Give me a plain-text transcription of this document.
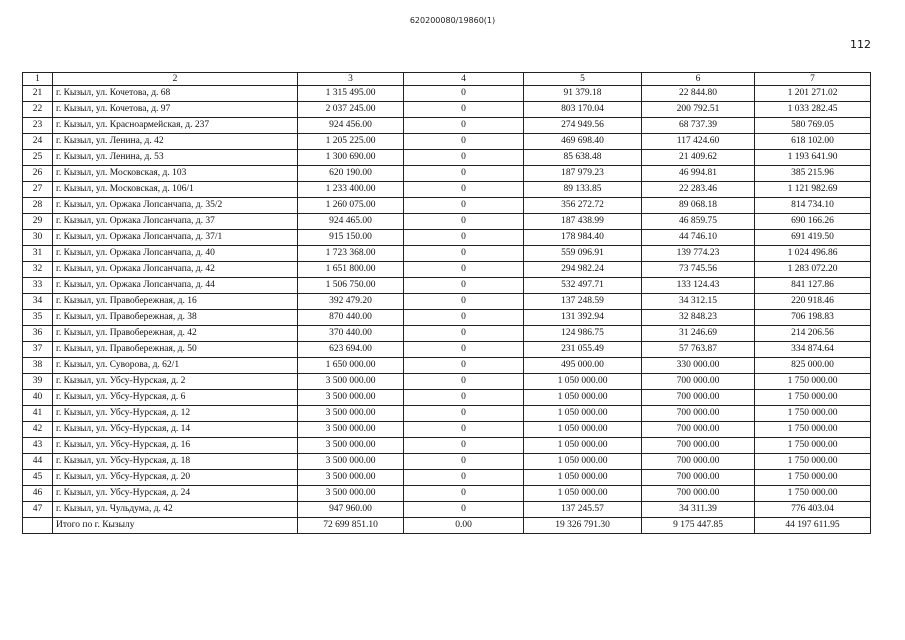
620200080/19860(1)
112
1	2	3	4	5	6	7
21	г. Кызыл, ул. Кочетова, д. 68	1 315 495.00	0	91 379.18	22 844.80	1 201 271.02
22	г. Кызыл, ул. Кочетова, д. 97	2 037 245.00	0	803 170.04	200 792.51	1 033 282.45
23	г. Кызыл, ул. Красноармейская, д. 237	924 456.00	0	274 949.56	68 737.39	580 769.05
24	г. Кызыл, ул. Ленина, д. 42	1 205 225.00	0	469 698.40	117 424.60	618 102.00
25	г. Кызыл, ул. Ленина, д. 53	1 300 690.00	0	85 638.48	21 409.62	1 193 641.90
26	г. Кызыл, ул. Московская, д. 103	620 190.00	0	187 979.23	46 994.81	385 215.96
27	г. Кызыл, ул. Московская, д. 106/1	1 233 400.00	0	89 133.85	22 283.46	1 121 982.69
28	г. Кызыл, ул. Оржака Лопсанчапа, д. 35/2	1 260 075.00	0	356 272.72	89 068.18	814 734.10
29	г. Кызыл, ул. Оржака Лопсанчапа, д. 37	924 465.00	0	187 438.99	46 859.75	690 166.26
30	г. Кызыл, ул. Оржака Лопсанчапа, д. 37/1	915 150.00	0	178 984.40	44 746.10	691 419.50
31	г. Кызыл, ул. Оржака Лопсанчапа, д. 40	1 723 368.00	0	559 096.91	139 774.23	1 024 496.86
32	г. Кызыл, ул. Оржака Лопсанчапа, д. 42	1 651 800.00	0	294 982.24	73 745.56	1 283 072.20
33	г. Кызыл, ул. Оржака Лопсанчапа, д. 44	1 506 750.00	0	532 497.71	133 124.43	841 127.86
34	г. Кызыл, ул. Правобережная, д. 16	392 479.20	0	137 248.59	34 312.15	220 918.46
35	г. Кызыл, ул. Правобережная, д. 38	870 440.00	0	131 392.94	32 848.23	706 198.83
36	г. Кызыл, ул. Правобережная, д. 42	370 440.00	0	124 986.75	31 246.69	214 206.56
37	г. Кызыл, ул. Правобережная, д. 50	623 694.00	0	231 055.49	57 763.87	334 874.64
38	г. Кызыл, ул. Суворова, д. 62/1	1 650 000.00	0	495 000.00	330 000.00	825 000.00
39	г. Кызыл, ул. Убсу-Нурская, д. 2	3 500 000.00	0	1 050 000.00	700 000.00	1 750 000.00
40	г. Кызыл, ул. Убсу-Нурская, д. 6	3 500 000.00	0	1 050 000.00	700 000.00	1 750 000.00
41	г. Кызыл, ул. Убсу-Нурская, д. 12	3 500 000.00	0	1 050 000.00	700 000.00	1 750 000.00
42	г. Кызыл, ул. Убсу-Нурская, д. 14	3 500 000.00	0	1 050 000.00	700 000.00	1 750 000.00
43	г. Кызыл, ул. Убсу-Нурская, д. 16	3 500 000.00	0	1 050 000.00	700 000.00	1 750 000.00
44	г. Кызыл, ул. Убсу-Нурская, д. 18	3 500 000.00	0	1 050 000.00	700 000.00	1 750 000.00
45	г. Кызыл, ул. Убсу-Нурская, д. 20	3 500 000.00	0	1 050 000.00	700 000.00	1 750 000.00
46	г. Кызыл, ул. Убсу-Нурская, д. 24	3 500 000.00	0	1 050 000.00	700 000.00	1 750 000.00
47	г. Кызыл, ул. Чульдума, д. 42	947 960.00	0	137 245.57	34 311.39	776 403.04
	Итого по г. Кызылу	72 699 851.10	0.00	19 326 791.30	9 175 447.85	44 197 611.95
